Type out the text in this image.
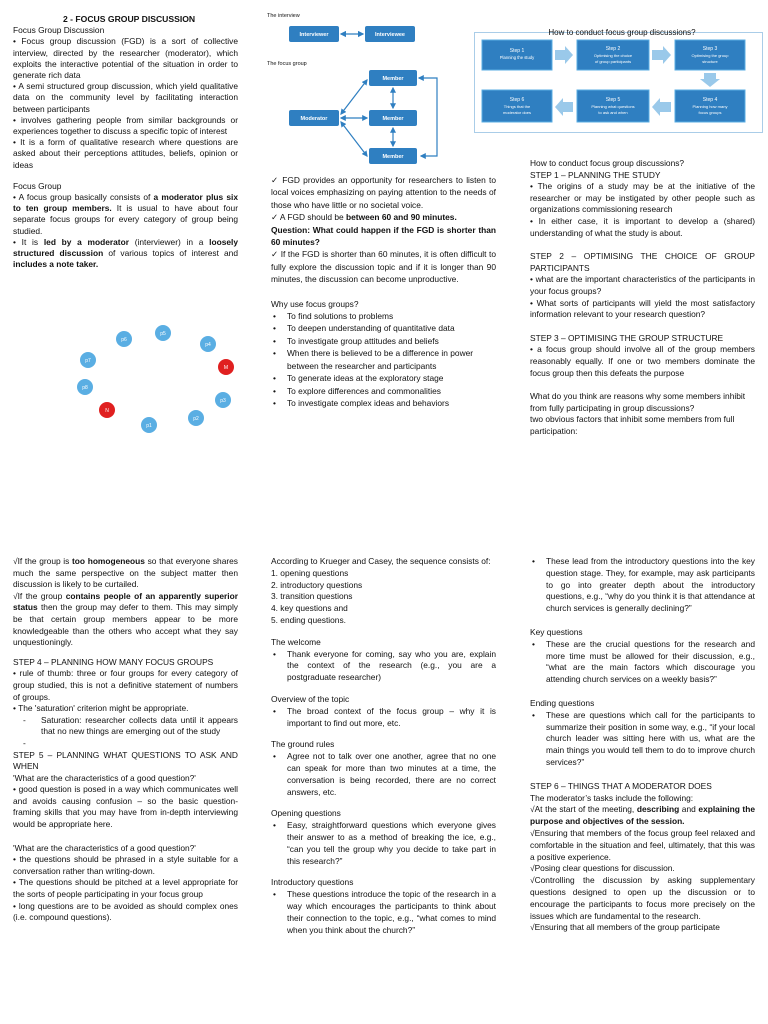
2 - FOCUS GROUP DISCUSSION

Focus Group Discussion

• Focus group discussion (FGD) is a sort of collective interview, directed by the researcher (moderator), which exploits the interactive potential of the situation in order to generate rich data

• A semi structured group discussion, which yield qualitative data on the community level by facilitating interaction between participants

• involves gathering people from similar backgrounds or experiences together to discuss a specific topic of interest

• It is a form of qualitative research where questions are asked about their perceptions attitudes, beliefs, opinion or ideas

Focus Group

• A focus group basically consists of a moderator plus six to ten group members. It is usual to have about four separate focus groups for every category of group being studied.

• It is led by a moderator (interviewer) in a loosely structured discussion of various topics of interest and includes a note taker.

p6
p5
p4
p7
M
p8
p3
N
p2
p1
The interview
Interviewer	Interviewee
The focus group
Moderator
Member
Member
Member

✓ FGD provides an opportunity for researchers to listen to local voices emphasizing on paying attention to the needs of those who have little or no societal voice.

✓ A FGD should be between 60 and 90 minutes.

Question: What could happen if the FGD is shorter than 60 minutes?

✓ If the FGD is shorter than 60 minutes, it is often difficult to fully explore the discussion topic and if it is longer than 90 minutes, the discussion can become unproductive.

Why use focus groups?

• To find solutions to problems
• To deepen understanding of quantitative data
• To investigate group attitudes and beliefs
• When there is believed to be a difference in power between the researcher and participants
• To generate ideas at the exploratory stage
• To explore differences and commonalities
• To investigate complex ideas and behaviors
How to conduct focus group discussions?
Step 1
Planning the study
Step 2
Optimising the choice
of group participants
Step 3
Optimising the group
structure
Step 6
Things that the
moderator does
Step 5
Planning what questions
to ask and when
Step 4
Planning how many
focus groups

How to conduct focus group discussions?

STEP 1 – PLANNING THE STUDY

• The origins of a study may be at the initiative of the researcher or may be instigated by other people such as organizations commissioning research

• In either case, it is important to develop a (shared) understanding of what the study is about.

STEP 2 – OPTIMISING THE CHOICE OF GROUP PARTICIPANTS

• what are the important characteristics of the participants in your focus groups?

• What sorts of participants will yield the most satisfactory information relevant to your research question?

STEP 3 – OPTIMISING THE GROUP STRUCTURE

• a focus group should involve all of the group members reasonably equally. If one or two members dominate the focus group then this defeats the purpose

What do you think are reasons why some members inhibit from fully participating in group discussions?

two obvious factors that inhibit some members from full participation:

√If the group is too homogeneous so that everyone shares much the same perspective on the subject matter then discussion is likely to be curtailed.

√If the group contains people of an apparently superior status then the group may defer to them. This may simply be that certain group members appear to be more knowledgeable than the others who accept what they say unquestioningly.

STEP 4 – PLANNING HOW MANY FOCUS GROUPS

• rule of thumb: three or four groups for every category of group studied, this is not a definitive statement of numbers of groups.

• The 'saturation' criterion might be appropriate.

- Saturation: researcher collects data until it appears that no new things are emerging out of the study

-

STEP 5 – PLANNING WHAT QUESTIONS TO ASK AND WHEN

'What are the characteristics of a good question?'

• good question is posed in a way which communicates well and avoids causing confusion – so the basic question-framing skills that you may have from in-depth interviewing would be appropriate here.

'What are the characteristics of a good question?'

• the questions should be phrased in a style suitable for a conversation rather than writing-down.

• The questions should be pitched at a level appropriate for the sorts of people participating in your focus group

• long questions are to be avoided as should complex ones (i.e. compound questions).

According to Krueger and Casey, the sequence consists of:

1. opening questions

2. introductory questions

3. transition questions

4. key questions and

5. ending questions.

The welcome

• Thank everyone for coming, say who you are, explain the context of the research (e.g., you are a postgraduate researcher)

Overview of the topic

• The broad context of the focus group – why it is important to find out more, etc.

The ground rules

• Agree not to talk over one another, agree that no one can speak for more than two minutes at a time, the conversation is being recorded, there are no correct answers, etc.

Opening questions

• Easy, straightforward questions which everyone gives their answer to as a method of breaking the ice, e.g., “can you tell the group why you decide to take part in this research?”

Introductory questions

• These questions introduce the topic of the research in a way which encourages the participants to think about their connection to the topic, e.g., “what comes to mind when you think about the church?”
• These lead from the introductory questions into the key question stage. They, for example, may ask participants to go into greater depth about the introductory questions, e.g., “why do you think it is that attendance at church services is generally declining?”

Key questions

• These are the crucial questions for the research and more time must be allowed for their discussion, e.g., “what are the main factors which discourage you attending church services on a weekly basis?”

Ending questions

• These are questions which call for the participants to summarize their position in some way, e.g., “if your local church leader was sitting here with us, what are the main things you would tell them to do to improve church services?”

STEP 6 – THINGS THAT A MODERATOR DOES

The moderator’s tasks include the following:

√At the start of the meeting, describing and explaining the purpose and objectives of the session.

√Ensuring that members of the focus group feel relaxed and comfortable in the situation and feel, ultimately, that this was a positive experience.

√Posing clear questions for discussion.

√Controlling the discussion by asking supplementary questions designed to open up the discussion or to encourage the participants to focus more precisely on the issues which are fundamental to the research.

√Ensuring that all members of the group participate
